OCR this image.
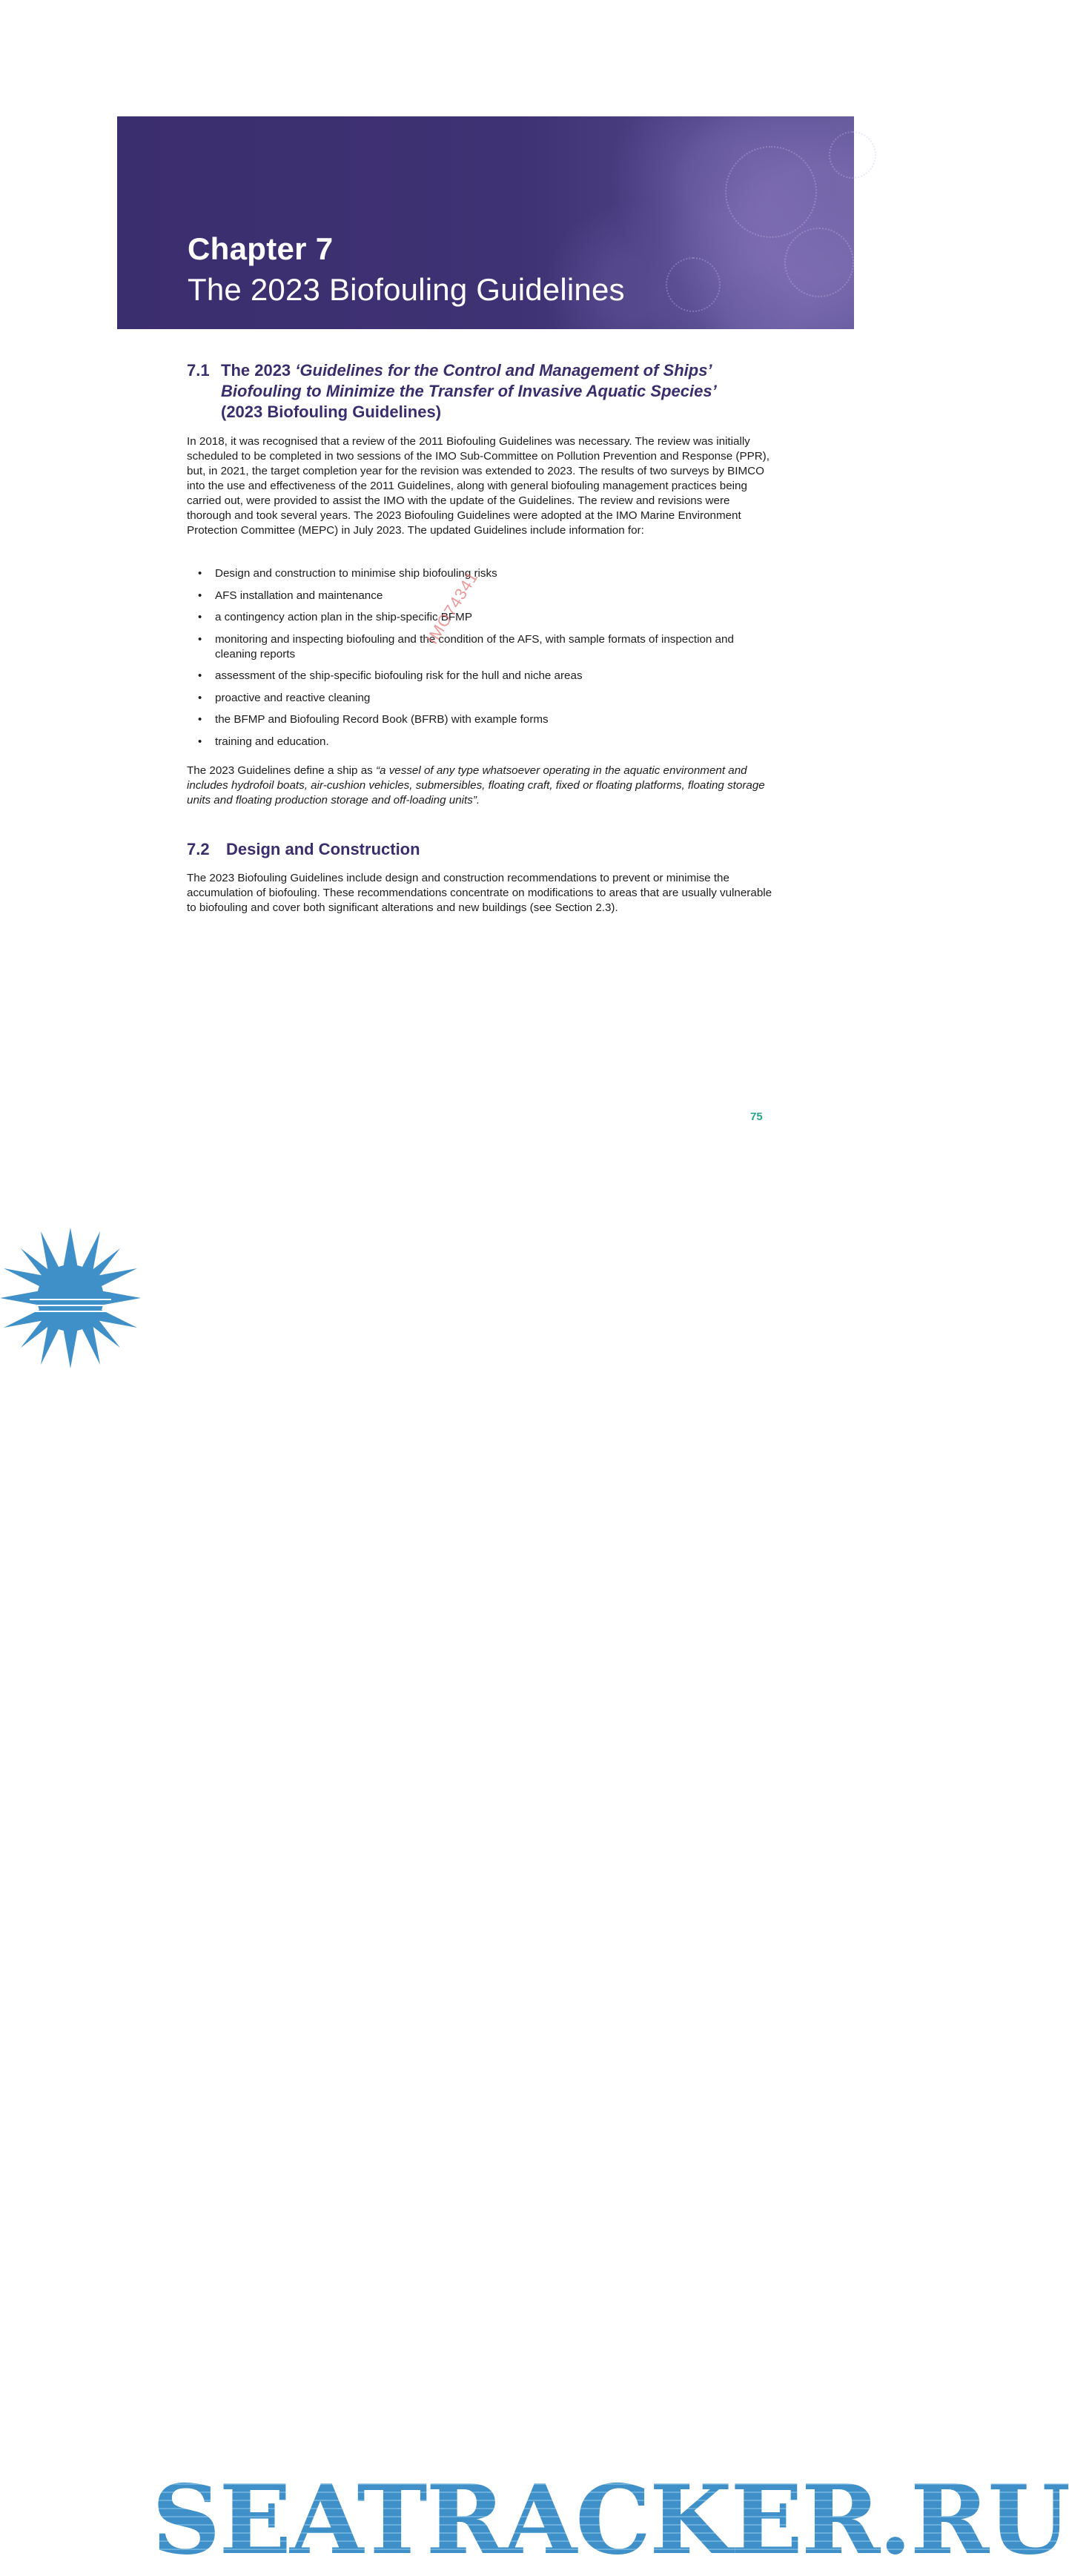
Chapter 7
The 2023 Biofouling Guidelines
7.1 The 2023 ‘Guidelines for the Control and Management of Ships’
Biofouling to Minimize the Transfer of Invasive Aquatic Species’
(2023 Biofouling Guidelines)

In 2018, it was recognised that a review of the 2011 Biofouling Guidelines was necessary. The review was initially scheduled to be completed in two sessions of the IMO Sub-Committee on Pollution Prevention and Response (PPR), but, in 2021, the target completion year for the revision was extended to 2023. The results of two surveys by BIMCO into the use and effectiveness of the 2011 Guidelines, along with general biofouling management practices being carried out, were provided to assist the IMO with the update of the Guidelines. The review and revisions were thorough and took several years. The 2023 Biofouling Guidelines were adopted at the IMO Marine Environment Protection Committee (MEPC) in July 2023. The updated Guidelines include information for:

• Design and construction to minimise ship biofouling risks
• AFS installation and maintenance
• a contingency action plan in the ship-specific BFMP
• monitoring and inspecting biofouling and the condition of the AFS, with sample formats of inspection and cleaning reports
• assessment of the ship-specific biofouling risk for the hull and niche areas
• proactive and reactive cleaning
• the BFMP and Biofouling Record Book (BFRB) with example forms
• training and education.

The 2023 Guidelines define a ship as “a vessel of any type whatsoever operating in the aquatic environment and includes hydrofoil boats, air-cushion vehicles, submersibles, floating craft, fixed or floating platforms, floating storage units and floating production storage and off-loading units”.

7.2 Design and Construction

The 2023 Biofouling Guidelines include design and construction recommendations to prevent or minimise the accumulation of biofouling. These recommendations concentrate on modifications to areas that are usually vulnerable to biofouling and cover both significant alterations and new buildings (see Section 2.3).

IMO74341
75
SEATRACKER.RU
